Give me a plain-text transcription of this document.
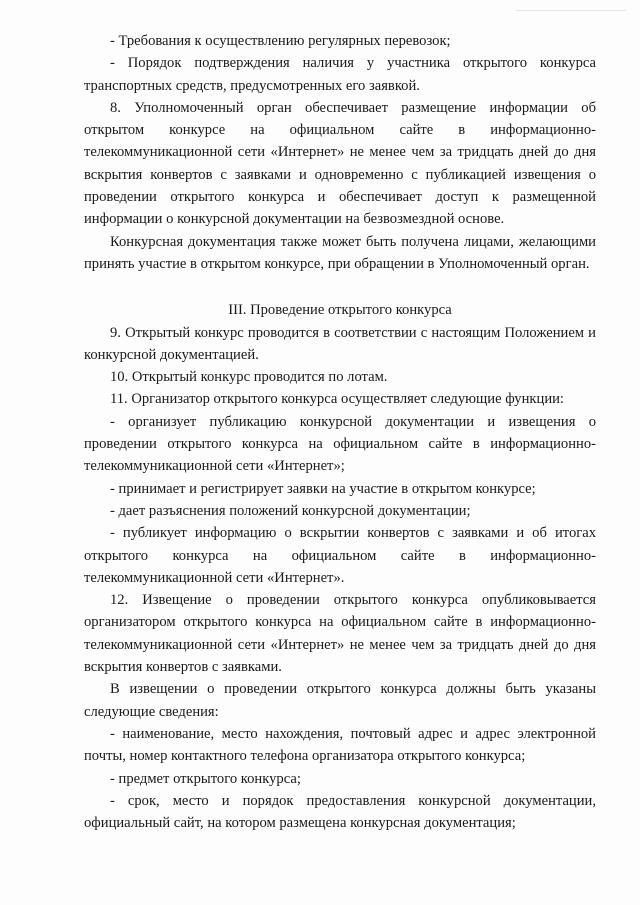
- Требования к осуществлению регулярных перевозок;

- Порядок подтверждения наличия у участника открытого конкурса транспортных средств, предусмотренных его заявкой.

8. Уполномоченный орган обеспечивает размещение информации об открытом конкурсе на официальном сайте в информационно-телекоммуникационной сети «Интернет» не менее чем за тридцать дней до дня вскрытия конвертов с заявками и одновременно с публикацией извещения о проведении открытого конкурса и обеспечивает доступ к размещенной информации о конкурсной документации на безвозмездной основе.

Конкурсная документация также может быть получена лицами, желающими принять участие в открытом конкурсе, при обращении в Уполномоченный орган.

III. Проведение открытого конкурса

9. Открытый конкурс проводится в соответствии с настоящим Положением и конкурсной документацией.

10. Открытый конкурс проводится по лотам.

11. Организатор открытого конкурса осуществляет следующие функции:

- организует публикацию конкурсной документации и извещения о проведении открытого конкурса на официальном сайте в информационно-телекоммуникационной сети «Интернет»;

- принимает и регистрирует заявки на участие в открытом конкурсе;

- дает разъяснения положений конкурсной документации;

- публикует информацию о вскрытии конвертов с заявками и об итогах открытого конкурса на официальном сайте в информационно-телекоммуникационной сети «Интернет».

12. Извещение о проведении открытого конкурса опубликовывается организатором открытого конкурса на официальном сайте в информационно-телекоммуникационной сети «Интернет» не менее чем за тридцать дней до дня вскрытия конвертов с заявками.

В извещении о проведении открытого конкурса должны быть указаны следующие сведения:

- наименование, место нахождения, почтовый адрес и адрес электронной почты, номер контактного телефона организатора открытого конкурса;

- предмет открытого конкурса;

- срок, место и порядок предоставления конкурсной документации, официальный сайт, на котором размещена конкурсная документация;
